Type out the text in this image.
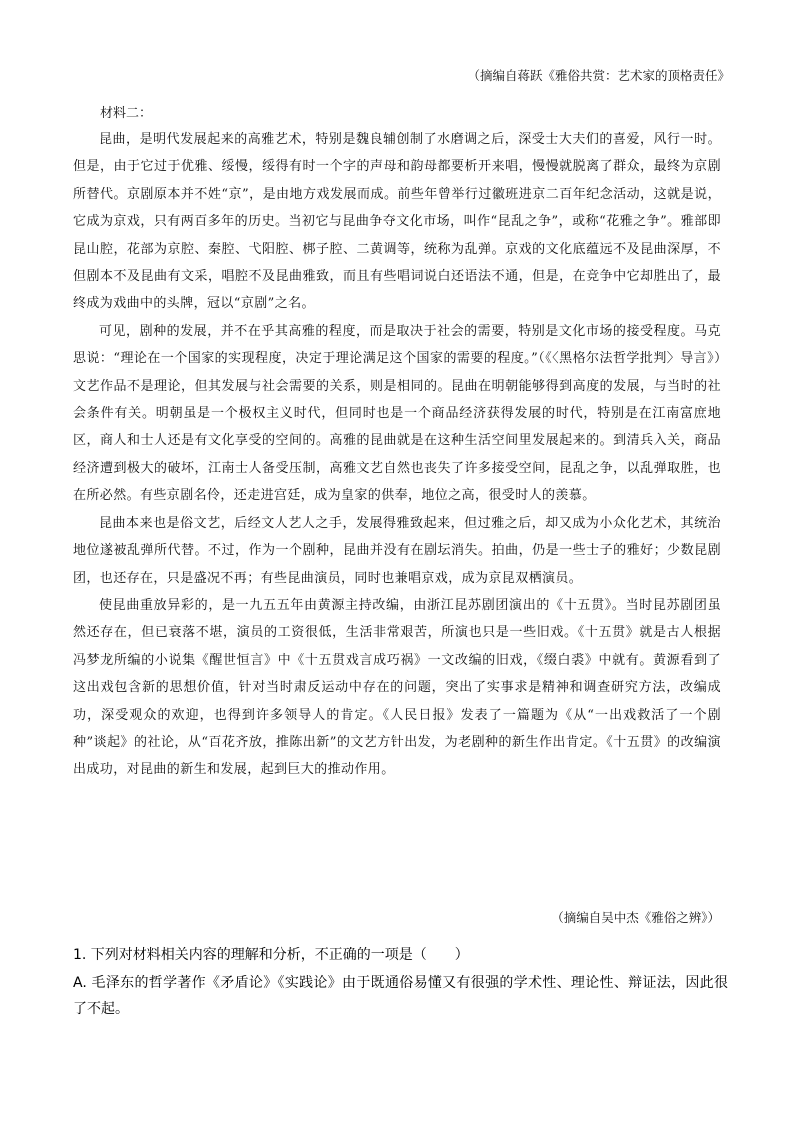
（摘编自蒋跃《雅俗共赏：艺术家的顶格责任》
材料二：

昆曲，是明代发展起来的高雅艺术，特别是魏良辅创制了水磨调之后，深受士大夫们的喜爱，风行一时。但是，由于它过于优雅、绥慢，绥得有时一个字的声母和韵母都要析开来唱，慢慢就脱离了群众，最终为京剧所替代。京剧原本并不姓“京”，是由地方戏发展而成。前些年曾举行过徽班进京二百年纪念活动，这就是说，它成为京戏，只有两百多年的历史。当初它与昆曲争夺文化市场，叫作“昆乱之争”，或称“花雅之争”。雅部即昆山腔，花部为京腔、秦腔、弋阳腔、梆子腔、二黄调等，统称为乱弹。京戏的文化底蕴远不及昆曲深厚，不但剧本不及昆曲有文采，唱腔不及昆曲雅致，而且有些唱词说白还语法不通，但是，在竞争中它却胜出了，最终成为戏曲中的头牌，冠以“京剧”之名。

可见，剧种的发展，并不在乎其高雅的程度，而是取决于社会的需要，特别是文化市场的接受程度。马克思说：“理论在一个国家的实现程度，决定于理论满足这个国家的需要的程度。”（《〈黑格尔法哲学批判〉导言》）文艺作品不是理论，但其发展与社会需要的关系，则是相同的。昆曲在明朝能够得到高度的发展，与当时的社会条件有关。明朝虽是一个极权主义时代，但同时也是一个商品经济获得发展的时代，特别是在江南富庶地区，商人和士人还是有文化享受的空间的。高雅的昆曲就是在这种生活空间里发展起来的。到清兵入关，商品经济遭到极大的破坏，江南士人备受压制，高雅文艺自然也丧失了许多接受空间，昆乱之争，以乱弹取胜，也在所必然。有些京剧名伶，还走进宫廷，成为皇家的供奉，地位之高，很受时人的羡慕。

昆曲本来也是俗文艺，后经文人艺人之手，发展得雅致起来，但过雅之后，却又成为小众化艺术，其统治地位遂被乱弹所代替。不过，作为一个剧种，昆曲并没有在剧坛消失。拍曲，仍是一些士子的雅好；少数昆剧团，也还存在，只是盛况不再；有些昆曲演员，同时也兼唱京戏，成为京昆双栖演员。

使昆曲重放异彩的，是一九五五年由黄源主持改编，由浙江昆苏剧团演出的《十五贯》。当时昆苏剧团虽然还存在，但已衰落不堪，演员的工资很低，生活非常艰苦，所演也只是一些旧戏。《十五贯》就是古人根据冯梦龙所编的小说集《醒世恒言》中《十五贯戏言成巧祸》一文改编的旧戏，《缀白裘》中就有。黄源看到了这出戏包含新的思想价值，针对当时肃反运动中存在的问题，突出了实事求是精神和调查研究方法，改编成功，深受观众的欢迎，也得到许多领导人的肯定。《人民日报》发表了一篇题为《从“一出戏救活了一个剧种”谈起》的社论，从“百花齐放，推陈出新”的文艺方针出发，为老剧种的新生作出肯定。《十五贯》的改编演出成功，对昆曲的新生和发展，起到巨大的推动作用。

（摘编自吴中杰《雅俗之辨》）
1. 下列对材料相关内容的理解和分析，不正确的一项是（　　）
A. 毛泽东的哲学著作《矛盾论》《实践论》由于既通俗易懂又有很强的学术性、理论性、辩证法，因此很了不起。
